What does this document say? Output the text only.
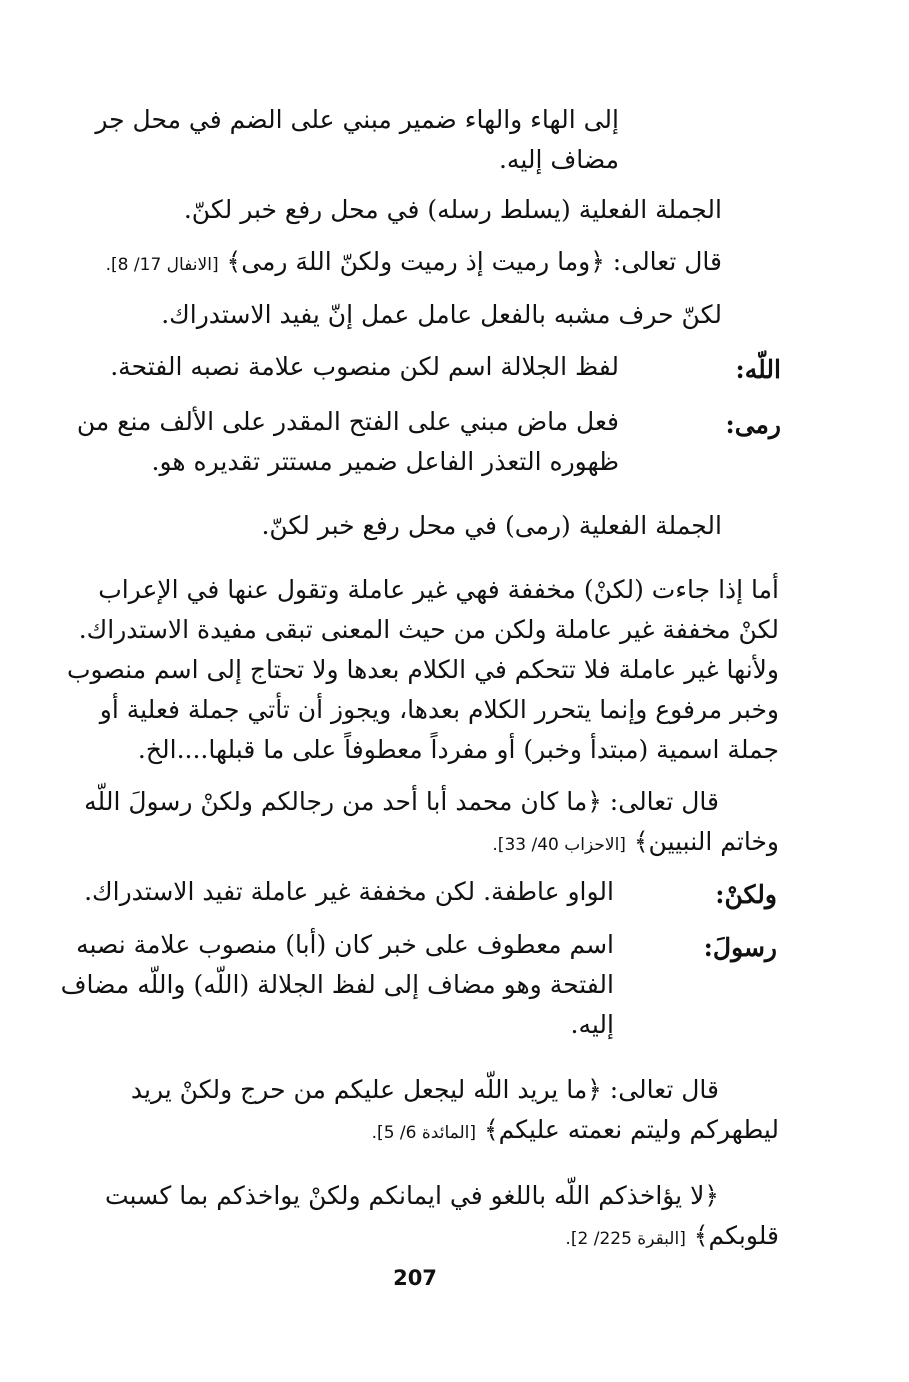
إلى الهاء والهاء ضمير مبني على الضم في محل جر

مضاف إليه.

الجملة الفعلية (يسلط رسله) في محل رفع خبر لكنّ.

قال تعالى: ﴿وما رميت إذ رميت ولكنّ اللهَ رمى﴾ [الانفال 17/ 8].

لكنّ حرف مشبه بالفعل عامل عمل إنّ يفيد الاستدراك.

اللّه:

لفظ الجلالة اسم لكن منصوب علامة نصبه الفتحة.

رمى:

فعل ماض مبني على الفتح المقدر على الألف منع من

ظهوره التعذر الفاعل ضمير مستتر تقديره هو.

الجملة الفعلية (رمى) في محل رفع خبر لكنّ.

أما إذا جاءت (لكنْ) مخففة فهي غير عاملة وتقول عنها في الإعراب

لكنْ مخففة غير عاملة ولكن من حيث المعنى تبقى مفيدة الاستدراك.

ولأنها غير عاملة فلا تتحكم في الكلام بعدها ولا تحتاج إلى اسم منصوب

وخبر مرفوع وإنما يتحرر الكلام بعدها، ويجوز أن تأتي جملة فعلية أو

جملة اسمية (مبتدأ وخبر) أو مفرداً معطوفاً على ما قبلها....الخ.

قال تعالى: ﴿ما كان محمد أبا أحد من رجالكم ولكنْ رسولَ اللّه

وخاتم النبيين﴾ [الاحزاب 40/ 33].

ولكنْ:

الواو عاطفة. لكن مخففة غير عاملة تفيد الاستدراك.

رسولَ:

اسم معطوف على خبر كان (أبا) منصوب علامة نصبه

الفتحة وهو مضاف إلى لفظ الجلالة (اللّه) واللّه مضاف

إليه.

قال تعالى: ﴿ما يريد اللّه ليجعل عليكم من حرج ولكنْ يريد

ليطهركم وليتم نعمته عليكم﴾ [المائدة 6/ 5].

﴿لا يؤاخذكم اللّه باللغو في ايمانكم ولكنْ يواخذكم بما كسبت

قلوبكم﴾ [البقرة 225/ 2].

207
